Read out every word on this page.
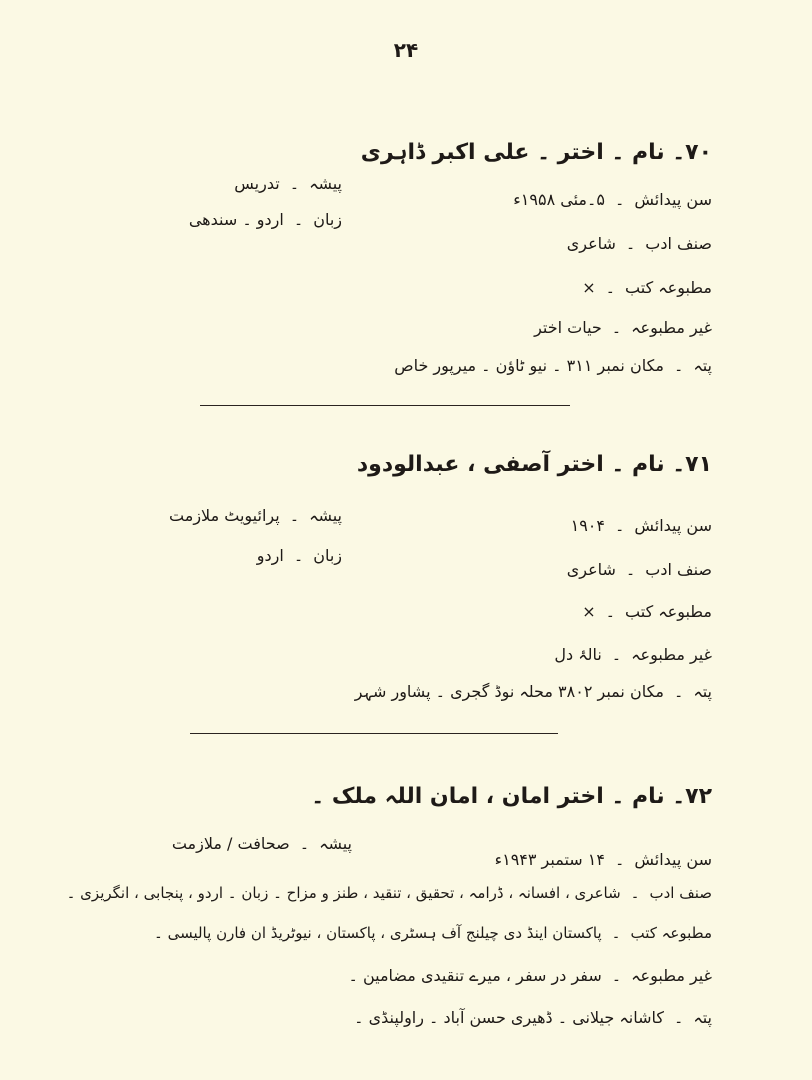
۲۴
۷۰۔ نام ۔ اختر ۔ علی اکبر ڈاہری
پیشہ۔تدریس
زبان۔اردو ۔ سندھی
سن پیدائش۔۵۔مئی ۱۹۵۸ء
صنف ادب۔شاعری
مطبوعہ کتب۔×
غیر مطبوعہ۔حیات اختر
پتہ۔مکان نمبر ۳۱۱ ۔ نیو ٹاؤن ۔ میرپور خاص
۷۱۔ نام ۔ اختر آصفی ، عبدالودود
پیشہ۔پرائیویٹ ملازمت
زبان۔اردو
سن پیدائش۔۱۹۰۴
صنف ادب۔شاعری
مطبوعہ کتب۔×
غیر مطبوعہ۔نالۂ دل
پتہ۔مکان نمبر ۳۸۰۲ محلہ نوڈ گجری ۔ پشاور شہر
۷۲۔ نام ۔ اختر امان ، امان اللہ ملک ۔
پیشہ۔صحافت / ملازمت
سن پیدائش۔۱۴ ستمبر ۱۹۴۳ء
صنف ادب۔شاعری ، افسانہ ، ڈرامہ ، تحقیق ، تنقید ، طنز و مزاح ۔ زبان ۔ اردو ، پنجابی ، انگریزی ۔
مطبوعہ کتب۔پاکستان اینڈ دی چیلنج آف ہسٹری ، پاکستان ، نیوٹریڈ ان فارن پالیسی ۔
غیر مطبوعہ۔سفر در سفر ، میرے تنقیدی مضامین ۔
پتہ۔کاشانہ جیلانی ۔ ڈھیری حسن آباد ۔ راولپنڈی ۔
